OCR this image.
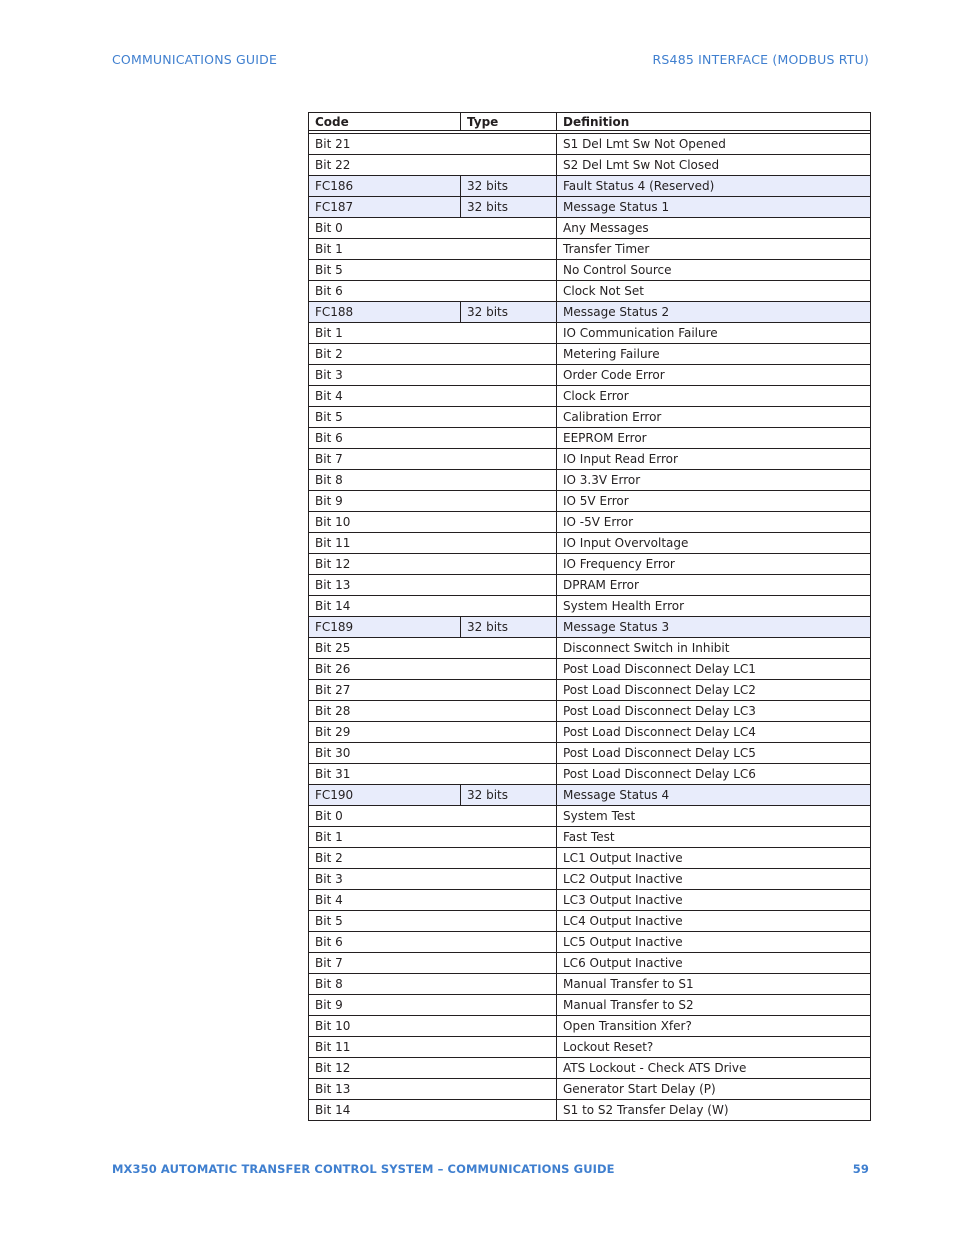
COMMUNICATIONS GUIDE	RS485 INTERFACE (MODBUS RTU)
Code	Type	Definition

Bit 21		S1 Del Lmt Sw Not Opened
Bit 22		S2 Del Lmt Sw Not Closed
FC186	32 bits	Fault Status 4 (Reserved)
FC187	32 bits	Message Status 1
Bit 0		Any Messages
Bit 1		Transfer Timer
Bit 5		No Control Source
Bit 6		Clock Not Set
FC188	32 bits	Message Status 2
Bit 1		IO Communication Failure
Bit 2		Metering Failure
Bit 3		Order Code Error
Bit 4		Clock Error
Bit 5		Calibration Error
Bit 6		EEPROM Error
Bit 7		IO Input Read Error
Bit 8		IO 3.3V Error
Bit 9		IO 5V Error
Bit 10		IO -5V Error
Bit 11		IO Input Overvoltage
Bit 12		IO Frequency Error
Bit 13		DPRAM Error
Bit 14		System Health Error
FC189	32 bits	Message Status 3
Bit 25		Disconnect Switch in Inhibit
Bit 26		Post Load Disconnect Delay LC1
Bit 27		Post Load Disconnect Delay LC2
Bit 28		Post Load Disconnect Delay LC3
Bit 29		Post Load Disconnect Delay LC4
Bit 30		Post Load Disconnect Delay LC5
Bit 31		Post Load Disconnect Delay LC6
FC190	32 bits	Message Status 4
Bit 0		System Test
Bit 1		Fast Test
Bit 2		LC1 Output Inactive
Bit 3		LC2 Output Inactive
Bit 4		LC3 Output Inactive
Bit 5		LC4 Output Inactive
Bit 6		LC5 Output Inactive
Bit 7		LC6 Output Inactive
Bit 8		Manual Transfer to S1
Bit 9		Manual Transfer to S2
Bit 10		Open Transition Xfer?
Bit 11		Lockout Reset?
Bit 12		ATS Lockout - Check ATS Drive
Bit 13		Generator Start Delay (P)
Bit 14		S1 to S2 Transfer Delay (W)
MX350 AUTOMATIC TRANSFER CONTROL SYSTEM – COMMUNICATIONS GUIDE	59
